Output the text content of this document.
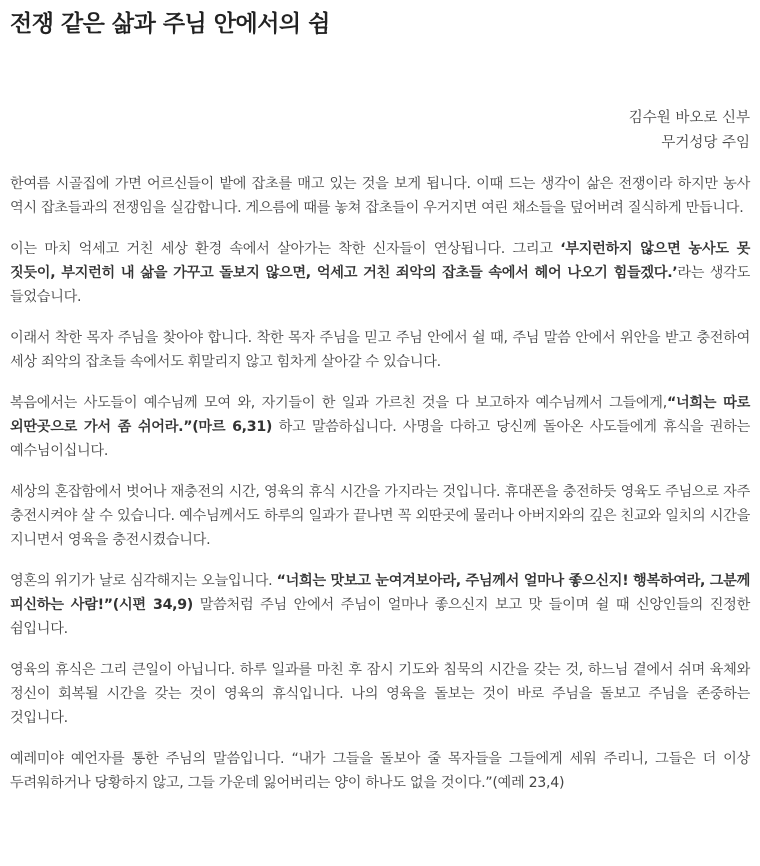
전쟁 같은 삶과 주님 안에서의 쉼
김수원 바오로 신부
무거성당 주임

한여름 시골집에 가면 어르신들이 밭에 잡초를 매고 있는 것을 보게 됩니다. 이때 드는 생각이 삶은 전쟁이라 하지만 농사 역시 잡초들과의 전쟁임을 실감합니다. 게으름에 때를 놓쳐 잡초들이 우거지면 여린 채소들을 덮어버려 질식하게 만듭니다.

이는 마치 억세고 거친 세상 환경 속에서 살아가는 착한 신자들이 연상됩니다. 그리고 ‘부지런하지 않으면 농사도 못 짓듯이, 부지런히 내 삶을 가꾸고 돌보지 않으면, 억세고 거친 죄악의 잡초들 속에서 헤어 나오기 힘들겠다.’라는 생각도 들었습니다.

이래서 착한 목자 주님을 찾아야 합니다. 착한 목자 주님을 믿고 주님 안에서 쉴 때, 주님 말씀 안에서 위안을 받고 충전하여 세상 죄악의 잡초들 속에서도 휘말리지 않고 힘차게 살아갈 수 있습니다.

복음에서는 사도들이 예수님께 모여 와, 자기들이 한 일과 가르친 것을 다 보고하자 예수님께서 그들에게,“너희는 따로 외딴곳으로 가서 좀 쉬어라.”(마르 6,31) 하고 말씀하십니다. 사명을 다하고 당신께 돌아온 사도들에게 휴식을 권하는 예수님이십니다.

세상의 혼잡함에서 벗어나 재충전의 시간, 영육의 휴식 시간을 가지라는 것입니다. 휴대폰을 충전하듯 영육도 주님으로 자주 충전시켜야 살 수 있습니다. 예수님께서도 하루의 일과가 끝나면 꼭 외딴곳에 물러나 아버지와의 깊은 친교와 일치의 시간을 지니면서 영육을 충전시켰습니다.

영혼의 위기가 날로 심각해지는 오늘입니다. “너희는 맛보고 눈여겨보아라, 주님께서 얼마나 좋으신지! 행복하여라, 그분께 피신하는 사람!”(시편 34,9) 말씀처럼 주님 안에서 주님이 얼마나 좋으신지 보고 맛 들이며 쉴 때 신앙인들의 진정한 쉼입니다.

영육의 휴식은 그리 큰일이 아닙니다. 하루 일과를 마친 후 잠시 기도와 침묵의 시간을 갖는 것, 하느님 곁에서 쉬며 육체와 정신이 회복될 시간을 갖는 것이 영육의 휴식입니다. 나의 영육을 돌보는 것이 바로 주님을 돌보고 주님을 존중하는 것입니다.

예레미야 예언자를 통한 주님의 말씀입니다. “내가 그들을 돌보아 줄 목자들을 그들에게 세워 주리니, 그들은 더 이상 두려워하거나 당황하지 않고, 그들 가운데 잃어버리는 양이 하나도 없을 것이다.”(예레 23,4)
